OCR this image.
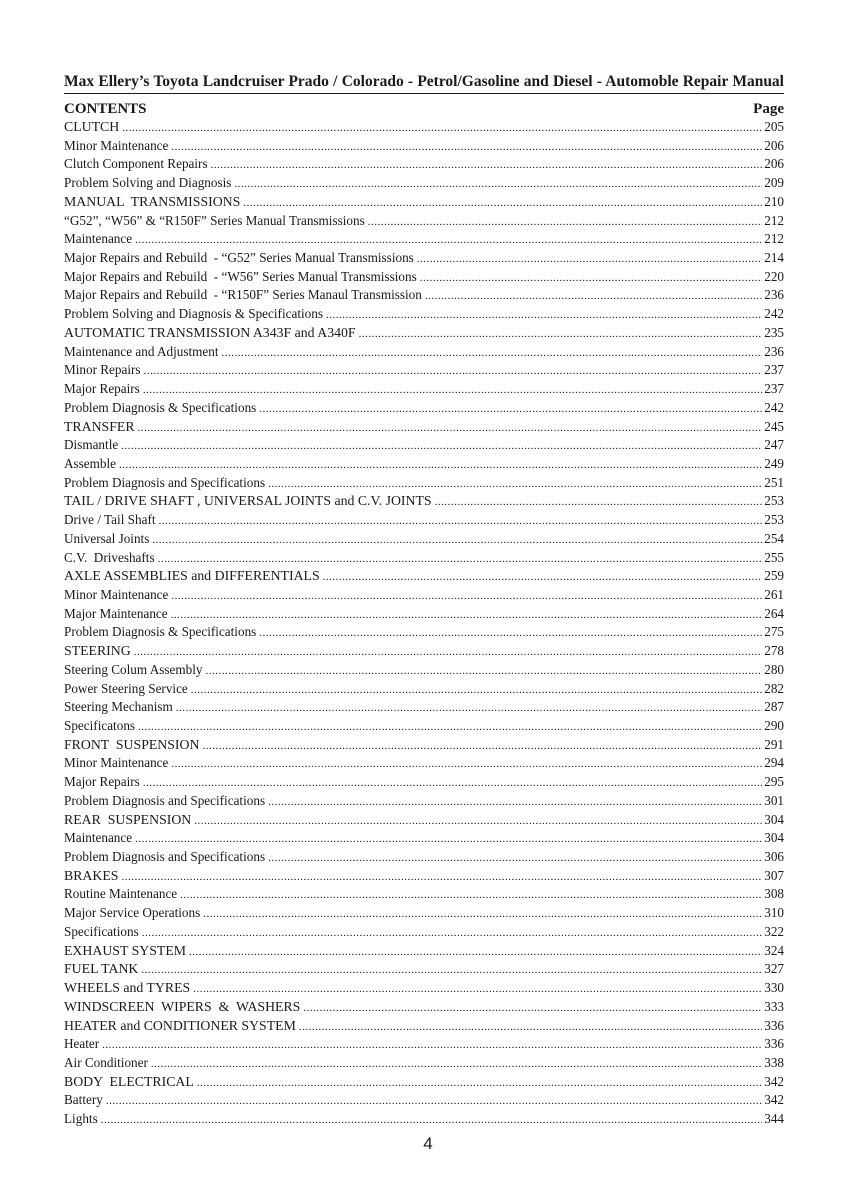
Max Ellery’s Toyota Landcruiser Prado / Colorado - Petrol/Gasoline and Diesel - Automoble Repair Manual
CONTENTS	Page
CLUTCH .....	205
Minor Maintenance .....	206
Clutch Component Repairs .....	206
Problem Solving and Diagnosis .....	209
MANUAL  TRANSMISSIONS .....	210
“G52”, “W56” & “R150F” Series Manual Transmissions .....	212
Maintenance .....	212
Major Repairs and Rebuild  - “G52” Series Manual Transmissions .....	214
Major Repairs and Rebuild  - “W56” Series Manual Transmissions .....	220
Major Repairs and Rebuild  - “R150F” Series Manaul Transmission .....	236
Problem Solving and Diagnosis & Specifications .....	242
AUTOMATIC TRANSMISSION A343F and A340F .....	235
Maintenance and Adjustment .....	236
Minor Repairs .....	237
Major Repairs .....	237
Problem Diagnosis & Specifications .....	242
TRANSFER .....	245
Dismantle .....	247
Assemble .....	249
Problem Diagnosis and Specifications .....	251
TAIL / DRIVE SHAFT , UNIVERSAL JOINTS and C.V. JOINTS .....	253
Drive / Tail Shaft .....	253
Universal Joints .....	254
C.V.  Driveshafts .....	255
AXLE ASSEMBLIES and DIFFERENTIALS .....	259
Minor Maintenance .....	261
Major Maintenance .....	264
Problem Diagnosis & Specifications .....	275
STEERING .....	278
Steering Colum Assembly .....	280
Power Steering Service .....	282
Steering Mechanism .....	287
Specificatons .....	290
FRONT  SUSPENSION .....	291
Minor Maintenance .....	294
Major Repairs .....	295
Problem Diagnosis and Specifications .....	301
REAR  SUSPENSION .....	304
Maintenance .....	304
Problem Diagnosis and Specifications .....	306
BRAKES .....	307
Routine Maintenance .....	308
Major Service Operations .....	310
Specifications .....	322
EXHAUST SYSTEM .....	324
FUEL TANK .....	327
WHEELS and TYRES .....	330
WINDSCREEN  WIPERS  &  WASHERS .....	333
HEATER and CONDITIONER SYSTEM .....	336
Heater .....	336
Air Conditioner .....	338
BODY  ELECTRICAL .....	342
Battery .....	342
Lights .....	344
4
